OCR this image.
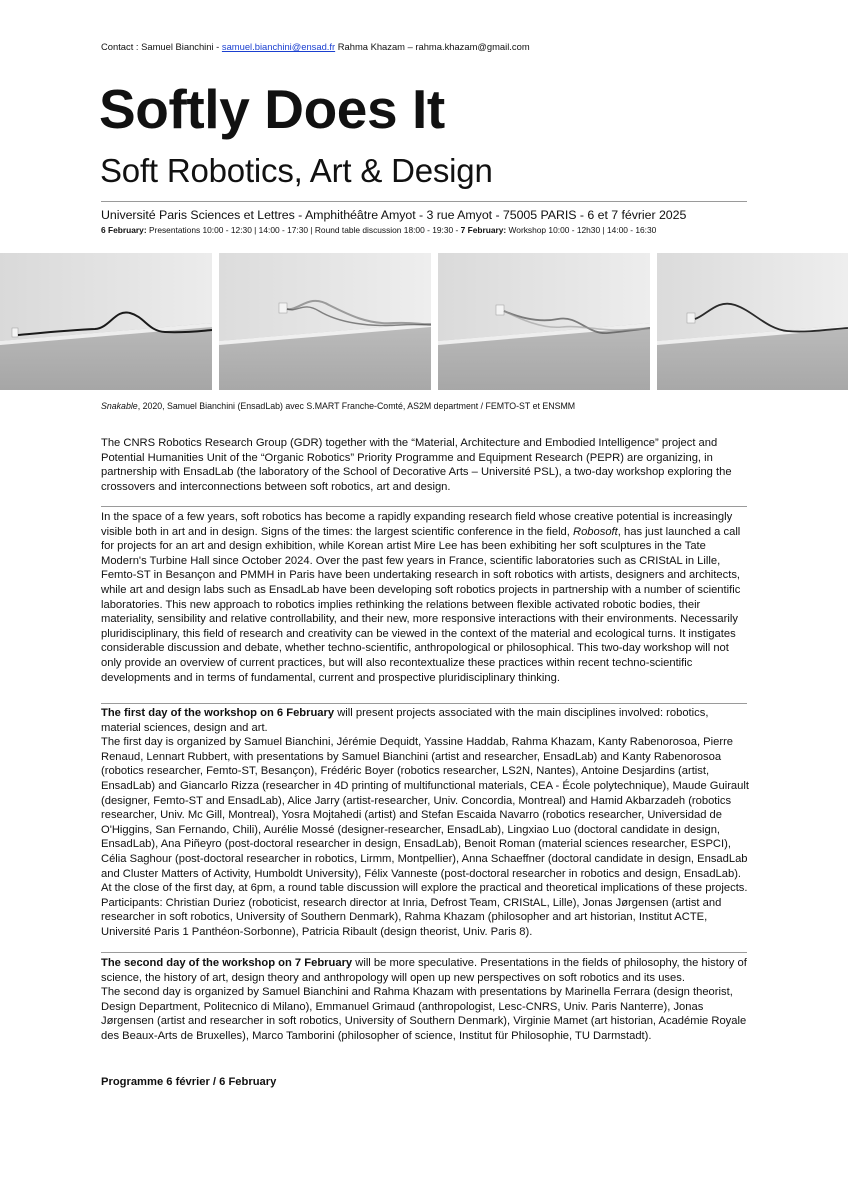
Contact : Samuel Bianchini - samuel.bianchini@ensad.fr Rahma Khazam – rahma.khazam@gmail.com
Softly Does It
Soft Robotics, Art & Design
Université Paris Sciences et Lettres - Amphithéâtre Amyot - 3 rue Amyot - 75005 PARIS - 6 et 7 février 2025
6 February: Presentations 10:00 - 12:30 | 14:00 - 17:30 | Round table discussion 18:00 - 19:30 - 7 February: Workshop 10:00 - 12h30 | 14:00 - 16:30
Snakable, 2020, Samuel Bianchini (EnsadLab) avec S.MART Franche-Comté, AS2M department / FEMTO-ST et ENSMM

The CNRS Robotics Research Group (GDR) together with the “Material, Architecture and Embodied Intelligence” project and Potential Humanities Unit of the “Organic Robotics” Priority Programme and Equipment Research (PEPR) are organizing, in partnership with EnsadLab (the laboratory of the School of Decorative Arts – Université PSL), a two-day workshop exploring the crossovers and interconnections between soft robotics, art and design.

In the space of a few years, soft robotics has become a rapidly expanding research field whose creative potential is increasingly visible both in art and in design. Signs of the times: the largest scientific conference in the field, Robosoft, has just launched a call for projects for an art and design exhibition, while Korean artist Mire Lee has been exhibiting her soft sculptures in the Tate Modern's Turbine Hall since October 2024. Over the past few years in France, scientific laboratories such as CRIStAL in Lille, Femto-ST in Besançon and PMMH in Paris have been undertaking research in soft robotics with artists, designers and architects, while art and design labs such as EnsadLab have been developing soft robotics projects in partnership with a number of scientific laboratories. This new approach to robotics implies rethinking the relations between flexible activated robotic bodies, their materiality, sensibility and relative controllability, and their new, more responsive interactions with their environments. Necessarily pluridisciplinary, this field of research and creativity can be viewed in the context of the material and ecological turns. It instigates considerable discussion and debate, whether techno-scientific, anthropological or philosophical. This two-day workshop will not only provide an overview of current practices, but will also recontextualize these practices within recent techno-scientific developments and in terms of fundamental, current and prospective pluridisciplinary thinking.

The first day of the workshop on 6 February will present projects associated with the main disciplines involved: robotics, material sciences, design and art.

The first day is organized by Samuel Bianchini, Jérémie Dequidt, Yassine Haddab, Rahma Khazam, Kanty Rabenorosoa, Pierre Renaud, Lennart Rubbert, with presentations by Samuel Bianchini (artist and researcher, EnsadLab) and Kanty Rabenorosoa (robotics researcher, Femto-ST, Besançon), Frédéric Boyer (robotics researcher, LS2N, Nantes), Antoine Desjardins (artist, EnsadLab) and Giancarlo Rizza (researcher in 4D printing of multifunctional materials, CEA - École polytechnique), Maude Guirault (designer, Femto-ST and EnsadLab), Alice Jarry (artist-researcher, Univ. Concordia, Montreal) and Hamid Akbarzadeh (robotics researcher, Univ. Mc Gill, Montreal), Yosra Mojtahedi (artist) and Stefan Escaida Navarro (robotics researcher, Universidad de O'Higgins, San Fernando, Chili), Aurélie Mossé (designer-researcher, EnsadLab), Lingxiao Luo (doctoral candidate in design, EnsadLab), Ana Piñeyro (post-doctoral researcher in design, EnsadLab), Benoit Roman (material sciences researcher, ESPCI), Célia Saghour (post-doctoral researcher in robotics, Lirmm, Montpellier), Anna Schaeffner (doctoral candidate in design, EnsadLab and Cluster Matters of Activity, Humboldt University), Félix Vanneste (post-doctoral researcher in robotics and design, EnsadLab).

At the close of the first day, at 6pm, a round table discussion will explore the practical and theoretical implications of these projects. Participants: Christian Duriez (roboticist, research director at Inria, Defrost Team, CRIStAL, Lille), Jonas Jørgensen (artist and researcher in soft robotics, University of Southern Denmark), Rahma Khazam (philosopher and art historian, Institut ACTE, Université Paris 1 Panthéon-Sorbonne), Patricia Ribault (design theorist, Univ. Paris 8).

The second day of the workshop on 7 February will be more speculative. Presentations in the fields of philosophy, the history of science, the history of art, design theory and anthropology will open up new perspectives on soft robotics and its uses.

The second day is organized by Samuel Bianchini and Rahma Khazam with presentations by Marinella Ferrara (design theorist, Design Department, Politecnico di Milano), Emmanuel Grimaud (anthropologist, Lesc-CNRS, Univ. Paris Nanterre), Jonas Jørgensen (artist and researcher in soft robotics, University of Southern Denmark), Virginie Mamet (art historian, Académie Royale des Beaux-Arts de Bruxelles), Marco Tamborini (philosopher of science, Institut für Philosophie, TU Darmstadt).

Programme 6 février / 6 February
